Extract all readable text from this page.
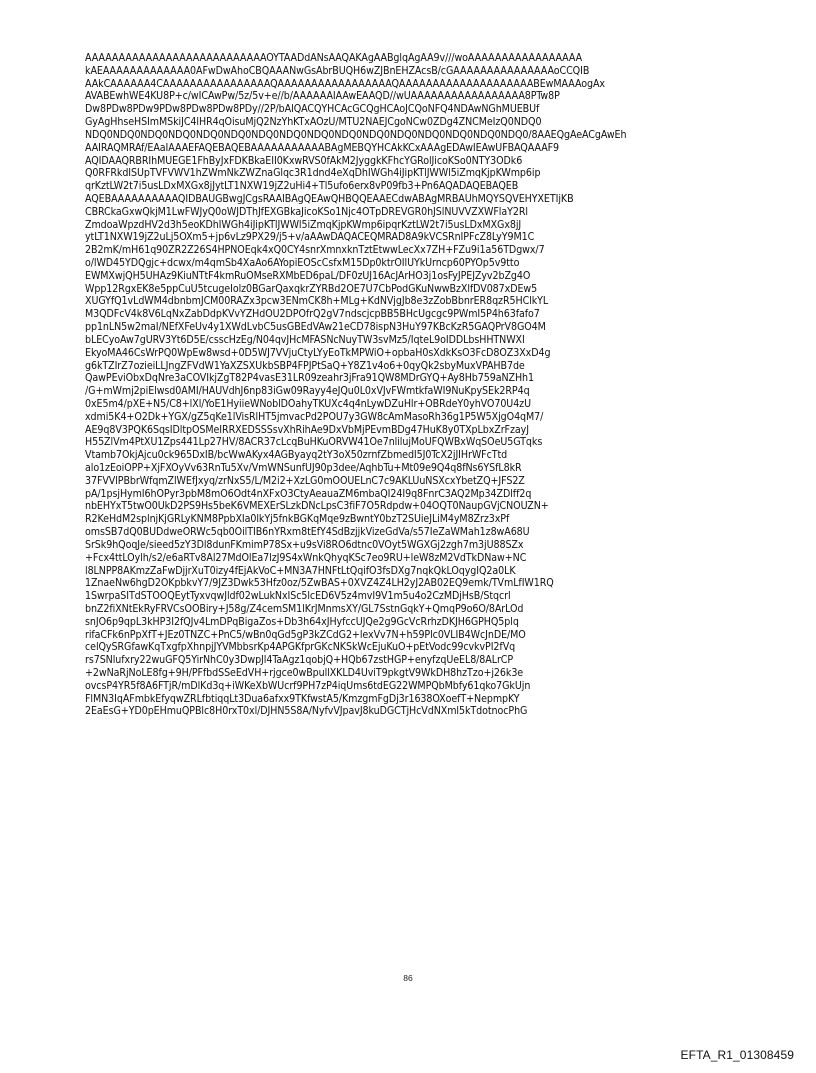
AAAAAAAAAAAAAAAAAAAAAAAAAAAOYTAADdANsAAQAKAgAABglqAgAA9v///woAAAAAAAAAAAAAAAAA
kAEAAAAAAAAAAAAA0AFwDwAhoCBQAAANwGsAbrBUQH6wZJBnEHZAcsB/cGAAAAAAAAAAAAAAAoCCQIB
AAkCAAAAAA4CAAAAAAAAAAAAAAAAQAAAAAAAAAAAAAAAAAQAAAAAAAAAAAAAAAAAAAABEwMAAAogAx
AVABEwhWE4KU8P+c/wICAwPw/5z/5v+e//b/AAAAAAIAAwEAAQD//wUAAAAAAAAAAAAAAAAA8PTw8P
Dw8PDw8PDw9PDw8PDw8PDw8PDy//2P/bAIQACQYHCAcGCQgHCAoJCQoNFQ4NDAwNGhMUEBUf
GyAgHhseHSImMSkiJC4lHR4qOisuMjQ2NzYhKTxAOzU/MTU2NAEJCgoNCw0ZDg4ZNCMeIzQ0NDQ0
NDQ0NDQ0NDQ0NDQ0NDQ0NDQ0NDQ0NDQ0NDQ0NDQ0NDQ0NDQ0NDQ0NDQ0NDQ0NDQ0/8AAEQgAeACgAwEh
AAIRAQMRAf/EAaIAAAEFAQEBAQEBAAAAAAAAAAABAgMEBQYHCAkKCxAAAgEDAwIEAwUFBAQAAAF9
AQIDAAQRBRIhMUEGE1FhByJxFDKBkaEII0KxwRVS0fAkM2JyggkKFhcYGRolJicoKSo0NTY3ODk6
Q0RFRkdISUpTVFVWV1hZWmNkZWZnaGlqc3R1dnd4eXqDhIWGh4iJipKTlJWWl5iZmqKjpKWmp6ip
qrKztLW2t7i5usLDxMXGx8jJytLT1NXW19jZ2uHi4+Tl5ufo6erx8vP09fb3+Pn6AQADAQEBAQEB
AQEBAAAAAAAAAAQIDBAUGBwgJCgsRAAIBAgQEAwQHBQQEAAECdwABAgMRBAUhMQYSQVEHYXETIjKB
CBRCkaGxwQkjM1LwFWJyQ0oWJDThJfEXGBkaJicoKSo1Njc4OTpDREVGR0hJSlNUVVZXWFlaY2Rl
ZmdoaWpzdHV2d3h5eoKDhIWGh4iJipKTlJWWl5iZmqKjpKWmp6ipqrKztLW2t7i5usLDxMXGx8jJ
ytLT1NXW19jZ2uLj5OXm5+jp6vLz9PX29/j5+v/aAAwDAQACEQMRAD8A9kVCSRnIPFcZ8LyY9M1C
2B2mK/mH61q90ZR2Z26S4HPNOEqk4xQ0CY4snrXmnxknTztEtwwLecXx7ZH+FZu9i1a56TDgwx/7
o/lWD45YDQgjc+dcwx/m4qmSb4XaAo6AYopiEOScCsfxM15Dp0ktrOIlUYkUrncp60PYOp5v9tto
EWMXwjQH5UHAz9KiuNTtF4kmRuOMseRXMbED6paL/DF0zUJ16AcJArHO3j1osFyJPEJZyv2bZg4O
Wpp12RgxEK8e5ppCuU5tcugeIolz0BGarQaxqkrZYRBd2OE7U7CbPodGKuNwwBzXlfDV087xDEw5
XUGYfQ1vLdWM4dbnbmJCM00RAZx3pcw3ENmCK8h+MLg+KdNVjgJb8e3zZobBbnrER8qzR5HClkYL
M3QDFcV4k8V6LqNxZabDdpKVvYZHdOU2DPOfrQ2gV7ndscjcpBB5BHcUgcgc9PWmI5P4h63fafo7
pp1nLN5w2maI/NEfXFeUv4y1XWdLvbC5usGBEdVAw21eCD78ispN3HuY97KBcKzR5GAQPrV8GO4M
bLECyoAw7gURV3Yt6D5E/csscHzEg/N04qvJHcMFASNcNuyTW3svMz5/IqteL9oIDDLbsHHTNWXI
EkyoMA46CsWrPQ0WpEw8wsd+0D5WJ7VVjuCtyLYyEoTkMPWiO+opbaH0sXdkKsO3FcD8OZ3XxD4g
g6kTZIrZ7ozieiLLJngZFVdW1YaXZSXUkbSBP4FPJPtSaQ+Y8Z1v4o6+0qyQk2sbyMuxVPAHB7de
QawPEviObxDqNre3aCOVIkjZgT82P4vasE31LR09zeahr3jFra91QW8MDrGYQ+Ay8Hb759aNZHh1
/G+mWmj2piElwsd0AMI/HAUVdhJ6np83iGw09Rayy4eJQu0L0xVJvFWmtkfaWI9NuKpySEk2RP4q
0xE5m4/pXE+N5/C8+lXl/YoE1HyiieWNoblDOahyTKUXc4q4nLywDZuHlr+OBRdeY0yhVO70U4zU
xdmi5K4+O2Dk+YGX/gZ5qKe1lVisRlHT5jmvacPd2POU7y3GW8cAmMasoRh36g1P5W5XjgO4qM7/
AE9q8V3PQK6SqsIDltpOSMeIRRXEDSSSsvXhRihAe9DxVbMjPEvmBDg47HuK8y0TXpLbxZrFzayJ
H55ZlVm4PtXU1Zps441Lp27HV/8ACR37cLcqBuHKuORVW41Oe7nlilujMoUFQWBxWqSOeU5GTqks
Vtamb7OkjAjcu0ck965DxIB/bcWwAKyx4AGByayq2tY3oX50zrnfZbmedI5J0TcX2jJIHrWFcTtd
alo1zEoiOPP+XjFXOyVv63RnTu5Xv/VmWNSunfUJ90p3dee/AqhbTu+Mt09e9Q4q8fNs6YSfL8kR
37FVVlPBbrWfqmZlWEfJxyq/zrNxS5/L/M2i2+XzLG0mOOUELnC7c9AKLUuNSXcxYbetZQ+JFS2Z
pA/1psjHymI6hOPyr3pbM8mO6Odt4nXFxO3CtyAeauaZM6mbaQI24I9q8FnrC3AQ2Mp34ZDlff2q
nbEHYxT5twO0UkD2PS9Hs5beK6VMEXErSLzkDNcLpsC3fiF7O5Rdpdw+04OQT0NaupGVjCNOUZN+
R2KeHdM2splnjKjGRLyKNM8PpbXIa0lkYj5fnkBGKqMqe9zBwntY0bzT2SUieJLiM4yM8Zrz3xPf
omsSB7dQ0BUDdweORWc5qb0OilTIB6nYRxm8tEfY4SdBzjjkVizeGdVa/s57IeZaWMah1z8wA68U
SrSk9hQoqJe/sieed5zY3Dl8dunFKmimP78Sx+u9sVi8RO6dtnc0VOyt5WGXGj2zgh7m3jU88SZx
+Fcx4ttLOylh/s2/e6aRTv8Al27MdOlEa7lzJ9S4xWnkQhyqKSc7eo9RU+leW8zM2VdTkDNaw+NC
l8LNPP8AKmzZaFwDjjrXuT0izy4fEjAkVoC+MN3A7HNFtLtQqifO3fsDXg7nqkQkLOqygIQ2a0LK
1ZnaeNw6hgD2OKpbkvY7/9JZ3Dwk53Hfz0oz/5ZwBAS+0XVZ4Z4LH2yJ2AB02EQ9emk/TVmLfIW1RQ
1SwrpaSITdSTOOQEytTyxvqwJldf02wLukNxISc5lcED6V5z4mvI9V1m5u4o2CzMDjHsB/Stqcrl
bnZ2fiXNtEkRyFRVCsOOBiry+J58g/Z4cemSM1lKrJMnmsXY/GL7SstnGqkY+QmqP9o6O/8ArLOd
snJO6p9qpL3kHP3I2fQJv4LmDPqBigaZos+Db3h64xJHyfccUJQe2g9GcVcRrhzDKJH6GPHQ5plq
rifaCFk6nPpXfT+JEz0TNZC+PnC5/wBn0qGd5gP3kZCdG2+lexVv7N+h59Plc0VLIB4WcJnDE/MO
celQySRGfawKqTxgfpXhnpjJYVMbbsrKp4APGKfprGKcNKSkWcEjuKuO+pEtVodc99cvkvPI2fVq
rs7SNlufxry22wuGFQ5YirNhC0y3DwpJl4TaAgz1qobjQ+HQb67zstHGP+enyfzqUeEL8/8ALrCP
+2wNaRjNoLE8fg+9H/PFfbdSSeEdVH+rjgce0wBpullXKLD4UviT9pkgtV9WkDH8hzTzo+j26k3e
ovcsP4YR5f8A6FTjR/mDlKd3q+iWKeXbWUcrf9PH7zP4iqUms6tdEG22WMPQbMbfy61qko7GkUjn
FlMN3IqAFmbkEfyqwZRLfbtiqqLt3Dua6afxx9TKfwstA5/KmzgmFgDj3r1638OXoefT+NepmpKY
2EaEsG+YD0pEHmuQPBlc8H0rxT0xl/DJHN5S8A/NyfvVJpavJ8kuDGCTjHcVdNXml5kTdotnocPhG
86
EFTA_R1_01308459
